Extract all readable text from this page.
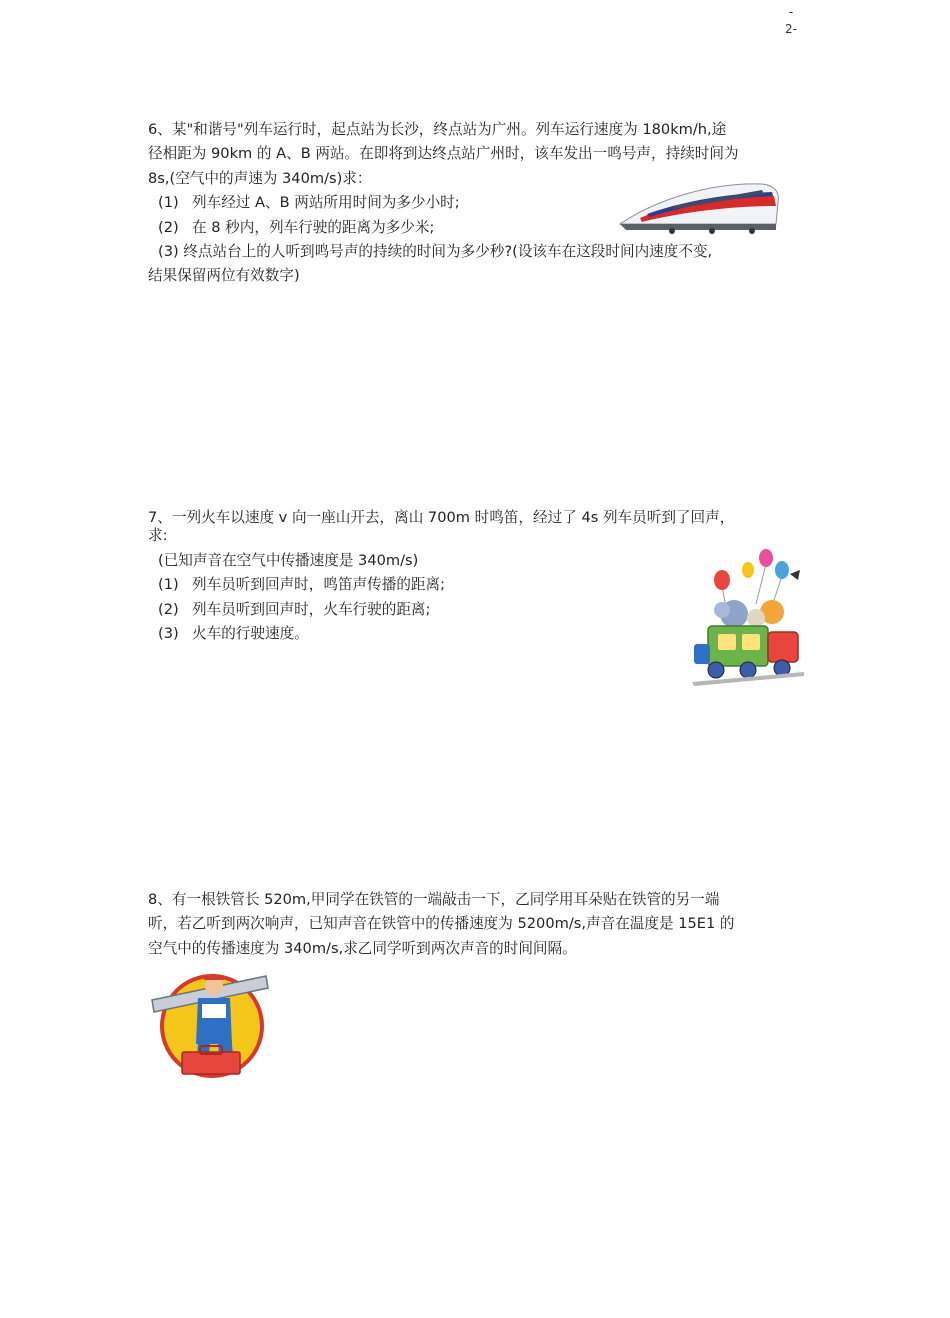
-
2-

6、某"和谐号"列车运行时，起点站为长沙，终点站为广州。列车运行速度为 180km/h,途

径相距为 90km 的 A、B 两站。在即将到达终点站广州时，该车发出一鸣号声，持续时间为

8s,(空气中的声速为 340m/s)求：

(1) 列车经过 A、B 两站所用时间为多少小时;

(2) 在 8 秒内，列车行驶的距离为多少米;

(3) 终点站台上的人听到鸣号声的持续的时间为多少秒?(设该车在这段时间内速度不变,

结果保留两位有效数字)

7、一列火车以速度 v 向一座山开去，离山 700m 时鸣笛，经过了 4s 列车员听到了回声，

求:

(已知声音在空气中传播速度是 340m/s)

(1) 列车员听到回声时，鸣笛声传播的距离;

(2) 列车员听到回声时，火车行驶的距离;

(3) 火车的行驶速度。

8、有一根铁管长 520m,甲同学在铁管的一端敲击一下，乙同学用耳朵贴在铁管的另一端

听，若乙听到两次响声，已知声音在铁管中的传播速度为 5200m/s,声音在温度是 15E1 的

空气中的传播速度为 340m/s,求乙同学听到两次声音的时间间隔。
